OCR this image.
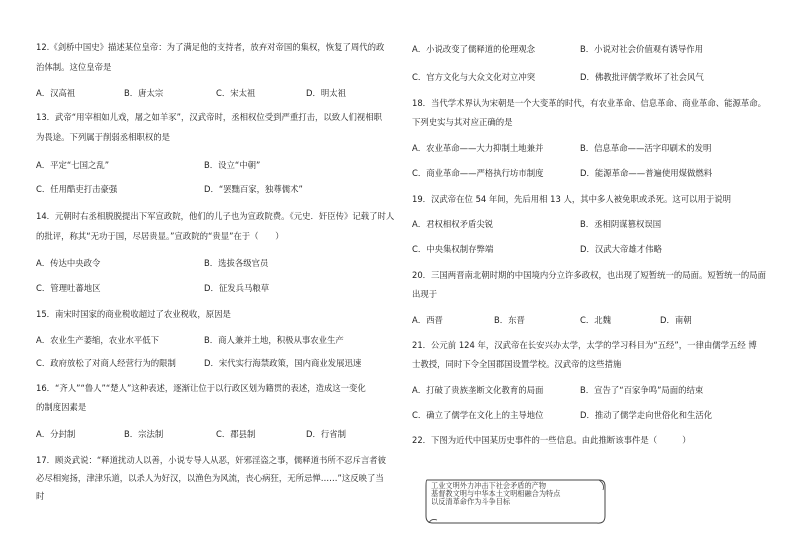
12.《剑桥中国史》描述某位皇帝：为了满足他的支持者，放弃对帝国的集权，恢复了周代的政
治体制。这位皇帝是
A．汉高祖	B．唐太宗	C．宋太祖	D．明太祖
13．武帝“用宰相如儿戏，屠之如羊豕”，汉武帝时，丞相权位受到严重打击，以致人们视相职
为畏途。下列属于削弱丞相职权的是
A．平定“七国之乱”	B．设立“中朝”
C．任用酷吏打击豪强	D．“罢黜百家，独尊儒术”
14．元朝时右丞相脱脱提出下军宣政院，他们的儿子也为宣政院费。《元史．奸臣传》记载了时人
的批评，称其“无功于国，尽居贵显。”宣政院的“贵显”在于（　　）
A．传达中央政令	B．选拔各级官员
C．管理吐蕃地区	D．征发兵马粮草
15．南宋时国家的商业税收超过了农业税收，原因是
A．农业生产萎缩，农业水平低下	B．商人兼并土地，积极从事农业生产
C．政府放松了对商人经营行为的限制	D．宋代实行海禁政策，国内商业发展迅速
16．“齐人”“鲁人”“楚人”这种表述，逐渐让位于以行政区划为籍贯的表述，造成这一变化
的制度因素是
A．分封制	B．宗法制	C．郡县制	D．行省制
17．顾炎武说：“释道扰动人以善，小说专导人从恶，奸邪淫盗之事，儒释道书所不忍斥言者彼
必尽相宛扬，津津乐道，以杀人为好汉，以渔色为风流，丧心病狂，无所忌惮……”这反映了当
时
A．小说改变了儒释道的伦理观念	B．小说对社会价值观有诱导作用
C．官方文化与大众文化对立冲突	D．佛教批评儒学败坏了社会风气
18．当代学术界认为宋朝是一个大变革的时代，有农业革命、信息革命、商业革命、能源革命。
下列史实与其对应正确的是
A．农业革命——大力抑制土地兼并	B．信息革命——活字印刷术的发明
C．商业革命——严格执行坊市制度	D．能源革命——普遍使用煤做燃料
19．汉武帝在位 54 年间，先后用相 13 人，其中多人被免职或杀死。这可以用于说明
A．君权相权矛盾尖锐	B．丞相阴谋篡权误国
C．中央集权制存弊端	D．汉武大帝雄才伟略
20．三国两晋南北朝时期的中国境内分立许多政权，也出现了短暂统一的局面。短暂统一的局面
出现于
A．西晋	B．东晋	C．北魏	D．南朝
21．公元前 124 年，汉武帝在长安兴办太学，太学的学习科目为“五经”，一律由儒学五经 博
士教授，同时下令全国郡国设置学校。汉武帝的这些措施
A．打破了贵族垄断文化教育的局面	B．宣告了“百家争鸣”局面的结束
C．确立了儒学在文化上的主导地位	D．推动了儒学走向世俗化和生活化
22．下图为近代中国某历史事件的一些信息。由此推断该事件是（　　　）
工业文明外力冲击下社会矛盾的产物
基督教文明与中华本土文明相融合为特点
以反清革命作为斗争目标
